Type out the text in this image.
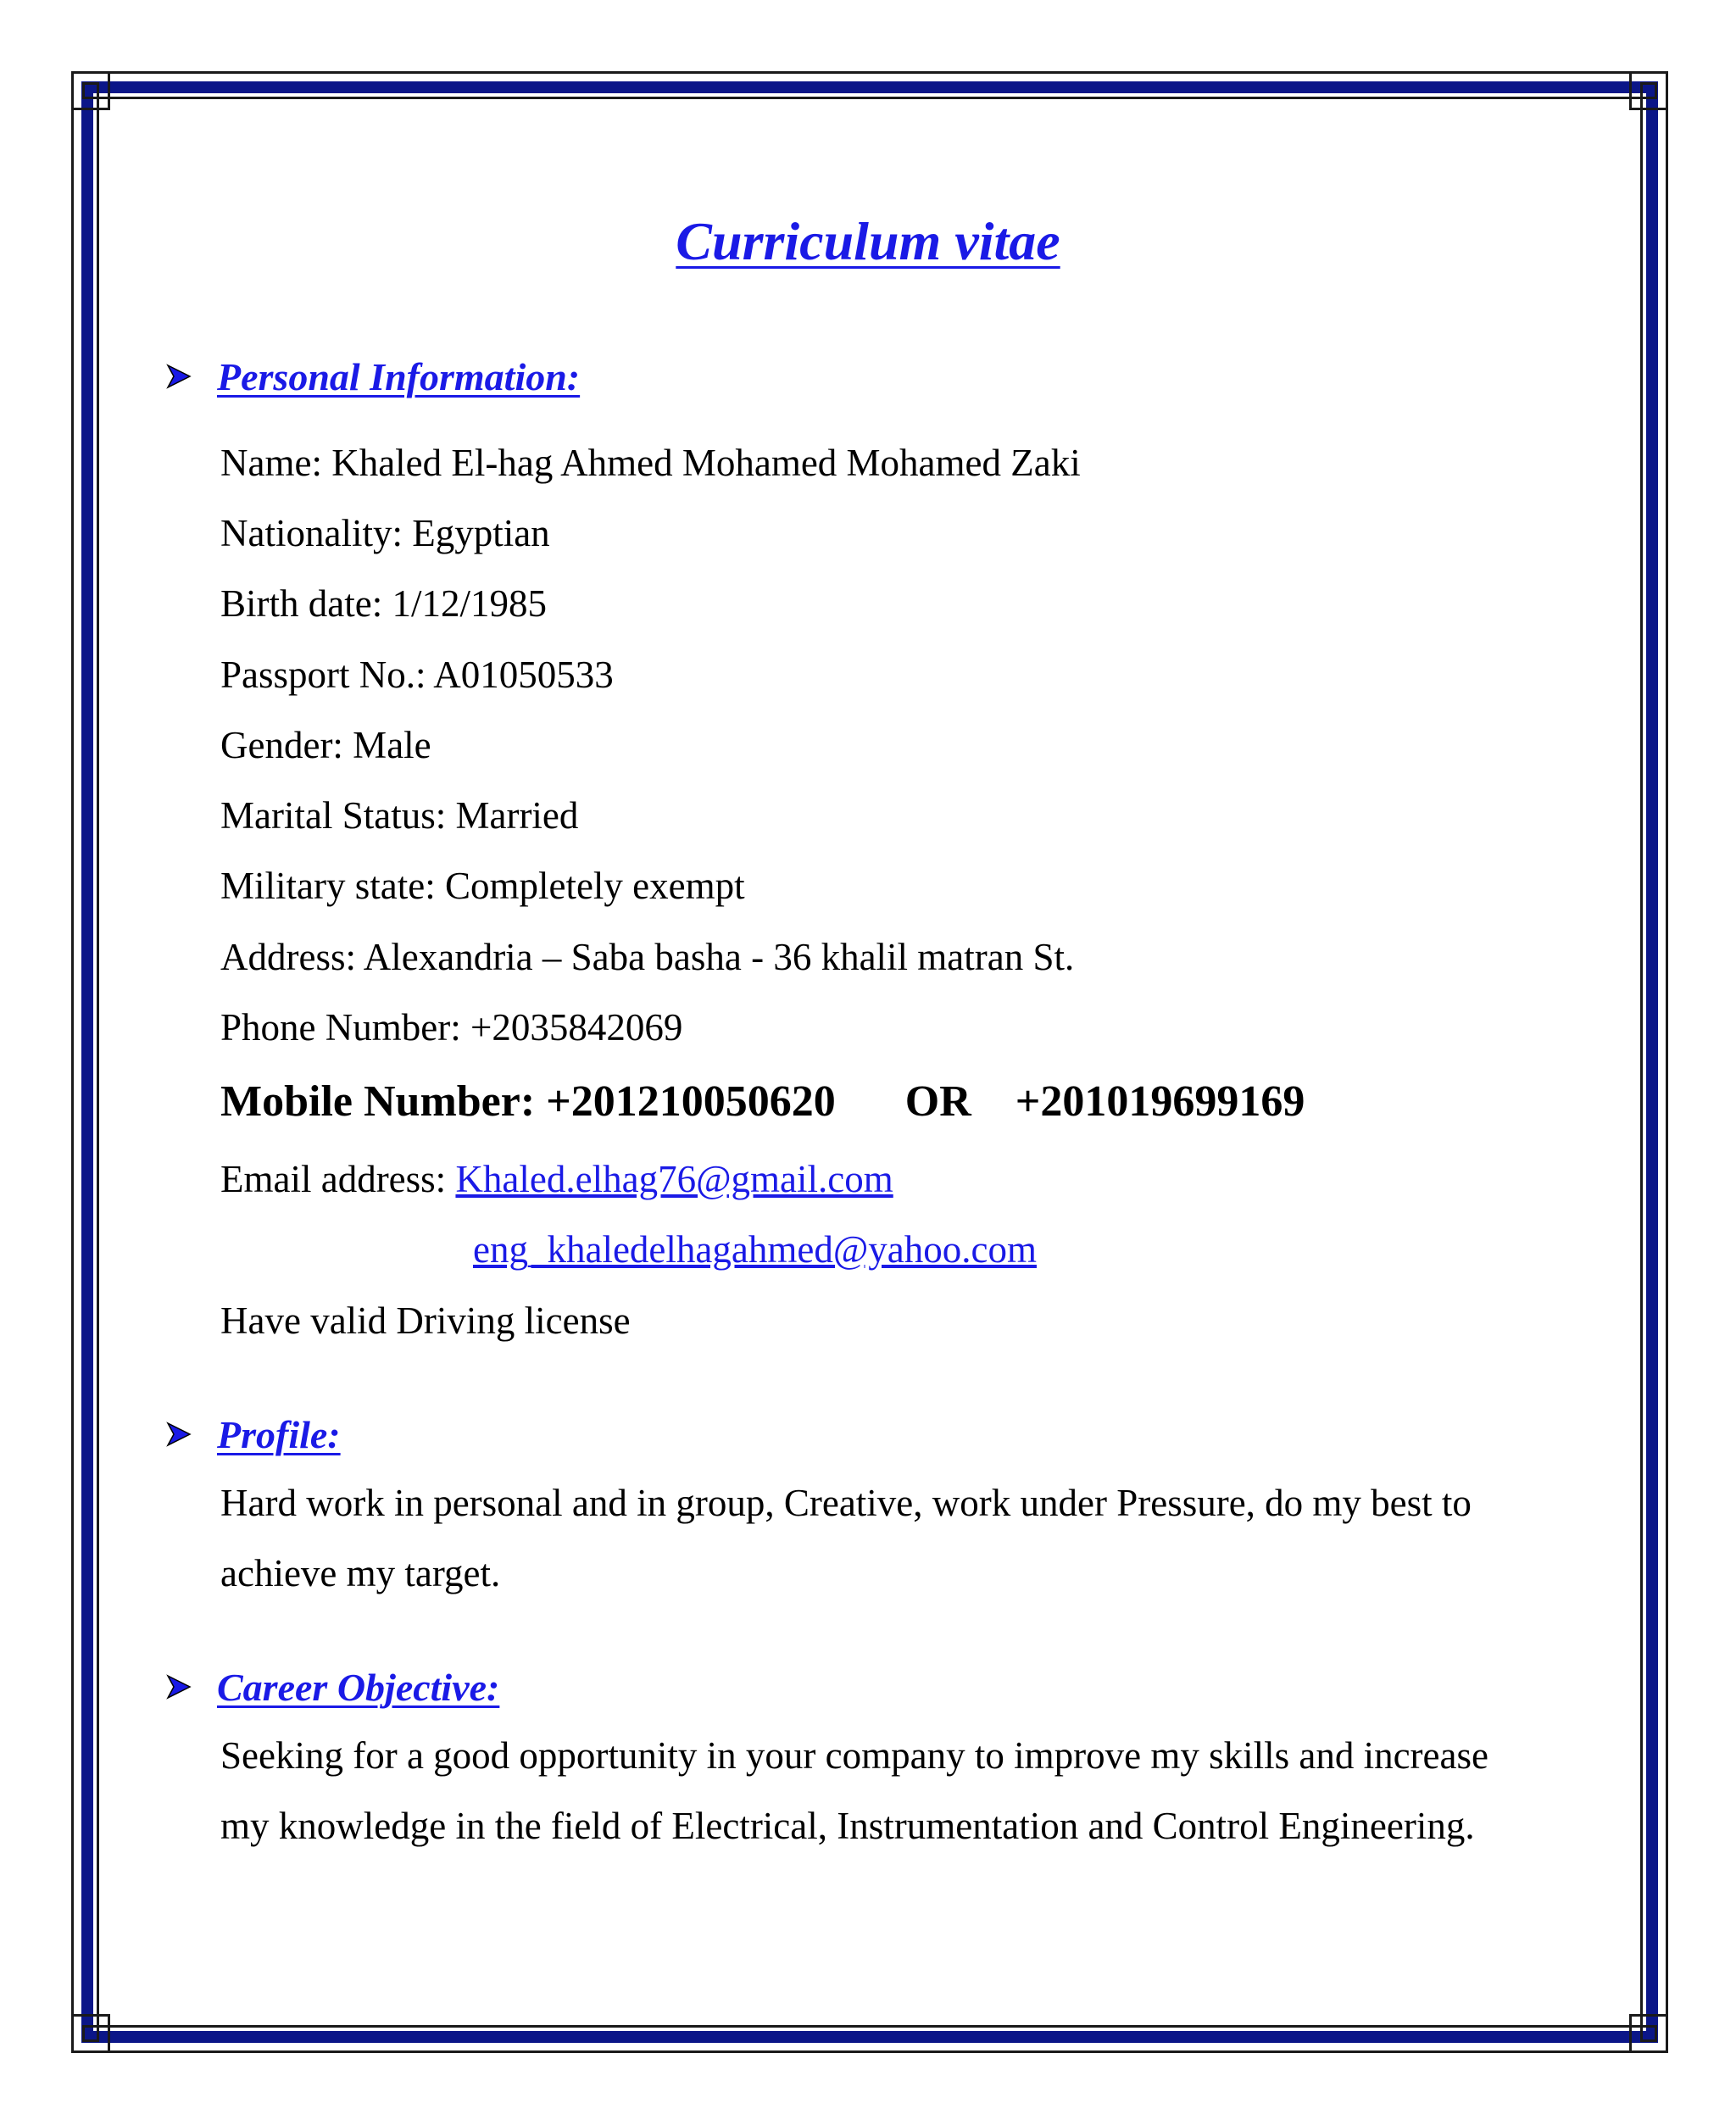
Curriculum vitae
Personal Information:
Name: Khaled El-hag Ahmed Mohamed Mohamed Zaki
Nationality: Egyptian
Birth date: 1/12/1985
Passport No.: A01050533
Gender: Male
Marital Status: Married
Military state: Completely exempt
Address: Alexandria – Saba basha - 36 khalil matran St.
Phone Number: +2035842069
Mobile Number: +201210050620 OR +201019699169
Email address: Khaled.elhag76@gmail.com
eng_khaledelhagahmed@yahoo.com
Have valid Driving license
Profile:
Hard work in personal and in group, Creative, work under Pressure, do my best to
achieve my target.
Career Objective:
Seeking for a good opportunity in your company to improve my skills and increase
my knowledge in the field of Electrical, Instrumentation and Control Engineering.
